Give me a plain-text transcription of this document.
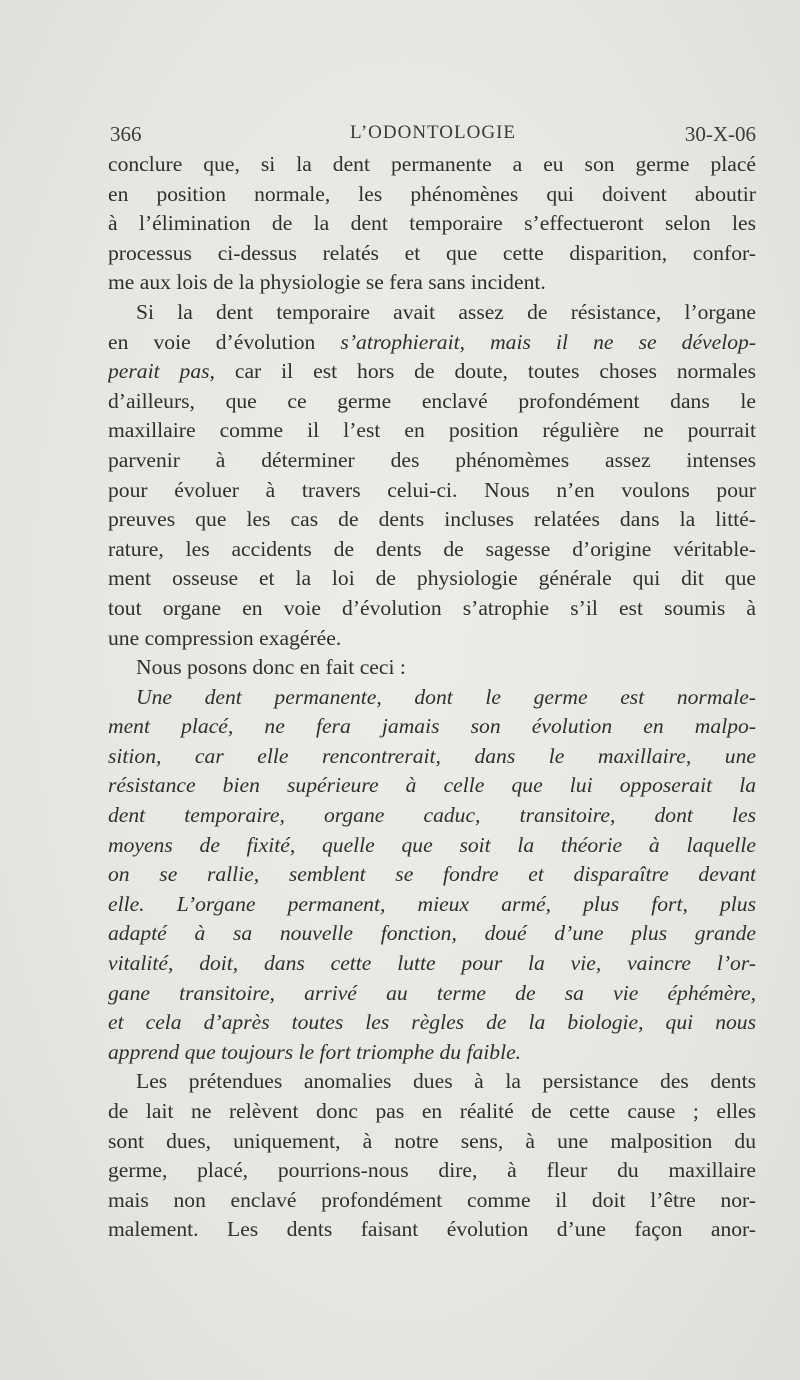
366	L’ODONTOLOGIE	30-X-06
conclure que, si la dent permanente a eu son germe placé
en position normale, les phénomènes qui doivent aboutir
à l’élimination de la dent temporaire s’effectueront selon les
processus ci-dessus relatés et que cette disparition, confor-
me aux lois de la physiologie se fera sans incident.
Si la dent temporaire avait assez de résistance, l’organe
en voie d’évolution s’atrophierait, mais il ne se dévelop-
perait pas, car il est hors de doute, toutes choses normales
d’ailleurs, que ce germe enclavé profondément dans le
maxillaire comme il l’est en position régulière ne pourrait
parvenir à déterminer des phénomèmes assez intenses
pour évoluer à travers celui-ci. Nous n’en voulons pour
preuves que les cas de dents incluses relatées dans la litté-
rature, les accidents de dents de sagesse d’origine véritable-
ment osseuse et la loi de physiologie générale qui dit que
tout organe en voie d’évolution s’atrophie s’il est soumis à
une compression exagérée.
Nous posons donc en fait ceci :
Une dent permanente, dont le germe est normale-
ment placé, ne fera jamais son évolution en malpo-
sition, car elle rencontrerait, dans le maxillaire, une
résistance bien supérieure à celle que lui opposerait la
dent temporaire, organe caduc, transitoire, dont les
moyens de fixité, quelle que soit la théorie à laquelle
on se rallie, semblent se fondre et disparaître devant
elle. L’organe permanent, mieux armé, plus fort, plus
adapté à sa nouvelle fonction, doué d’une plus grande
vitalité, doit, dans cette lutte pour la vie, vaincre l’or-
gane transitoire, arrivé au terme de sa vie éphémère,
et cela d’après toutes les règles de la biologie, qui nous
apprend que toujours le fort triomphe du faible.
Les prétendues anomalies dues à la persistance des dents
de lait ne relèvent donc pas en réalité de cette cause ; elles
sont dues, uniquement, à notre sens, à une malposition du
germe, placé, pourrions-nous dire, à fleur du maxillaire
mais non enclavé profondément comme il doit l’être nor-
malement. Les dents faisant évolution d’une façon anor-
